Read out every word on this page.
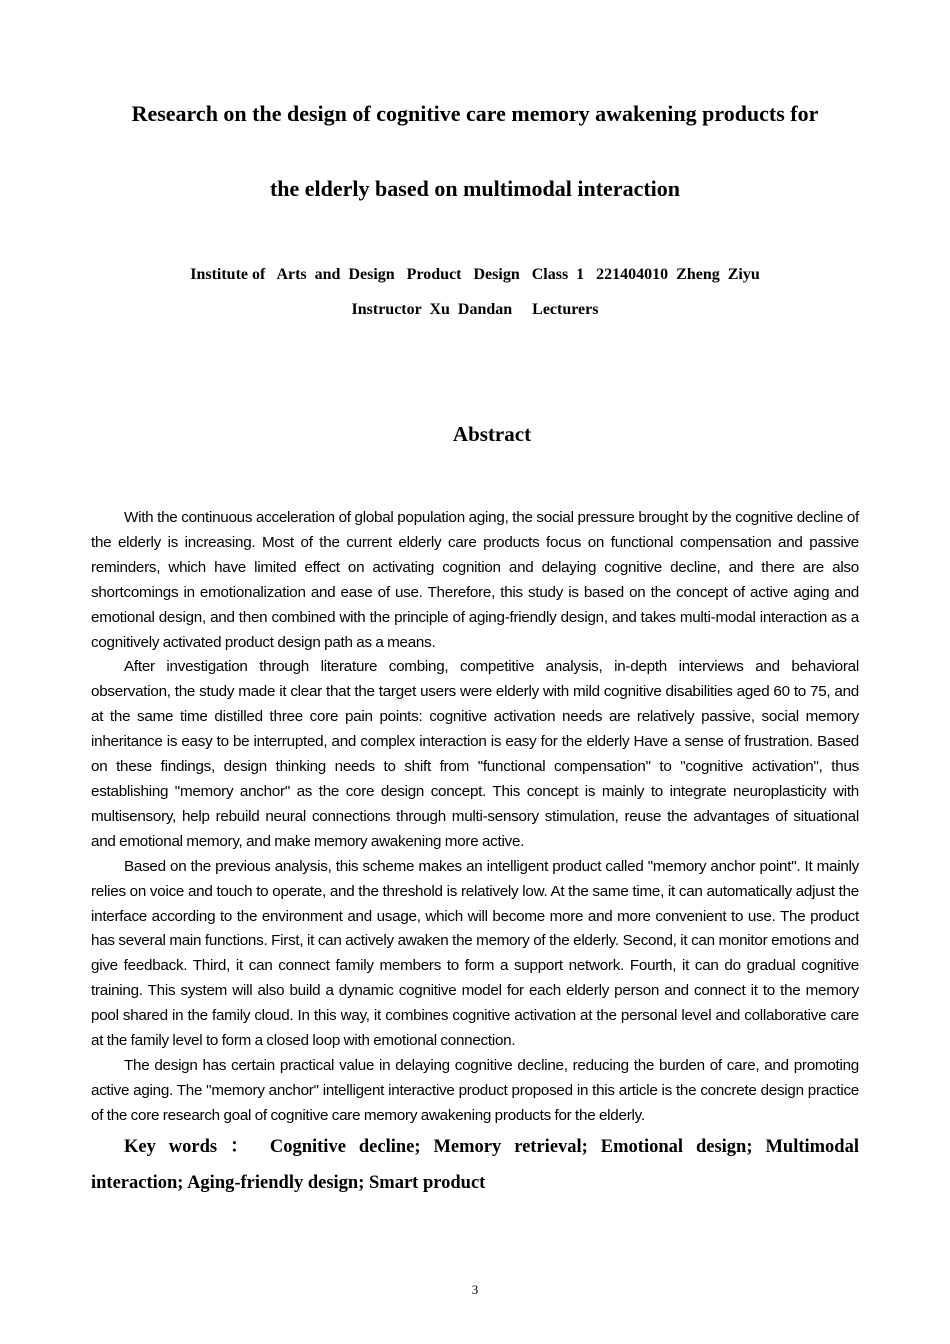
Research on the design of cognitive care memory awakening products for
the elderly based on multimodal interaction
Institute of   Arts  and  Design   Product   Design   Class  1   221404010  Zheng  Ziyu
Instructor  Xu  Dandan     Lecturers
Abstract

With the continuous acceleration of global population aging, the social pressure brought by the cognitive decline of the elderly is increasing. Most of the current elderly care products focus on functional compensation and passive reminders, which have limited effect on activating cognition and delaying cognitive decline, and there are also shortcomings in emotionalization and ease of use. Therefore, this study is based on the concept of active aging and emotional design, and then combined with the principle of aging-friendly design, and takes multi-modal interaction as a cognitively activated product design path as a means.

After investigation through literature combing, competitive analysis, in-depth interviews and behavioral observation, the study made it clear that the target users were elderly with mild cognitive disabilities aged 60 to 75, and at the same time distilled three core pain points: cognitive activation needs are relatively passive, social memory inheritance is easy to be interrupted, and complex interaction is easy for the elderly Have a sense of frustration. Based on these findings, design thinking needs to shift from "functional compensation" to "cognitive activation", thus establishing "memory anchor" as the core design concept. This concept is mainly to integrate neuroplasticity with multisensory, help rebuild neural connections through multi-sensory stimulation, reuse the advantages of situational and emotional memory, and make memory awakening more active.

Based on the previous analysis, this scheme makes an intelligent product called "memory anchor point". It mainly relies on voice and touch to operate, and the threshold is relatively low. At the same time, it can automatically adjust the interface according to the environment and usage, which will become more and more convenient to use. The product has several main functions. First, it can actively awaken the memory of the elderly. Second, it can monitor emotions and give feedback. Third, it can connect family members to form a support network. Fourth, it can do gradual cognitive training. This system will also build a dynamic cognitive model for each elderly person and connect it to the memory pool shared in the family cloud. In this way, it combines cognitive activation at the personal level and collaborative care at the family level to form a closed loop with emotional connection.

The design has certain practical value in delaying cognitive decline, reducing the burden of care, and promoting active aging. The "memory anchor" intelligent interactive product proposed in this article is the concrete design practice of the core research goal of cognitive care memory awakening products for the elderly.

Key words ： Cognitive decline; Memory retrieval; Emotional design; Multimodal interaction; Aging-friendly design; Smart product

3
